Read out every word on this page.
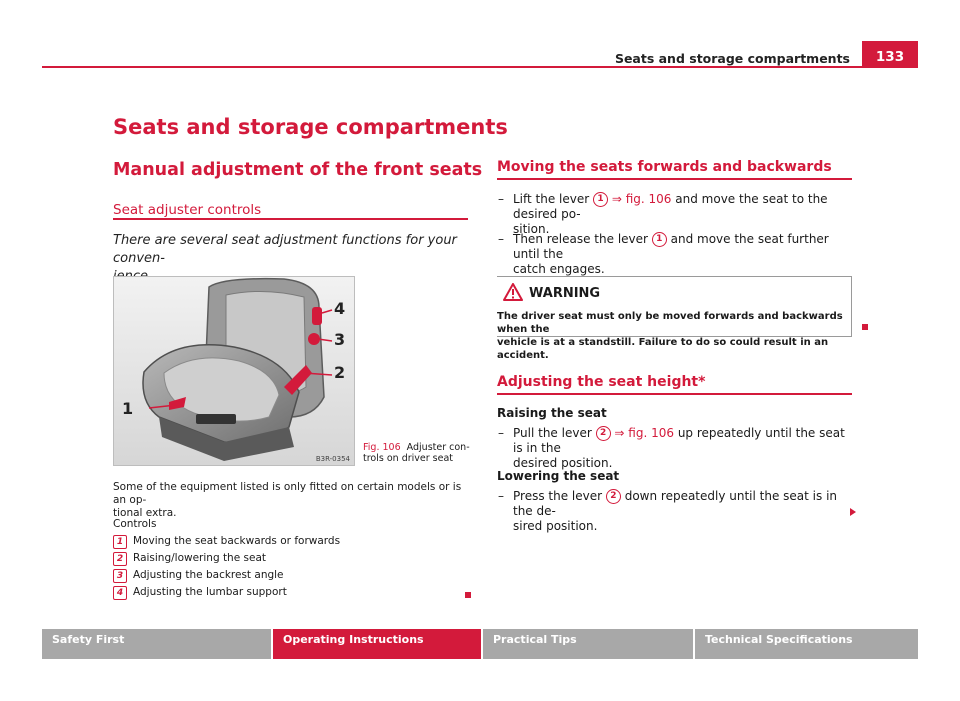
Seats and storage compartments	133
Seats and storage compartments
Manual adjustment of the front seats
Seat adjuster controls
There are several seat adjustment functions for your conven-
1
2
3
4
B3R-0354
Fig. 106 Adjuster con-
trols on driver seat
Some of the equipment listed is only fitted on certain models or is an op-
tional extra.
Controls
1 Moving the seat backwards or forwards
2 Raising/lowering the seat
3 Adjusting the backrest angle
4 Adjusting the lumbar support
Moving the seats forwards and backwards
– Lift the lever 1 ⇒ fig. 106 and move the seat to the desired po-
sition.
– Then release the lever 1 and move the seat further until the
catch engages.
WARNING
The driver seat must only be moved forwards and backwards when the
vehicle is at a standstill. Failure to do so could result in an accident.
Adjusting the seat height*
Raising the seat
– Pull the lever 2 ⇒ fig. 106 up repeatedly until the seat is in the
desired position.
Lowering the seat
– Press the lever 2 down repeatedly until the seat is in the de-
sired position.
Safety First	Operating Instructions	Practical Tips	Technical Specifications
